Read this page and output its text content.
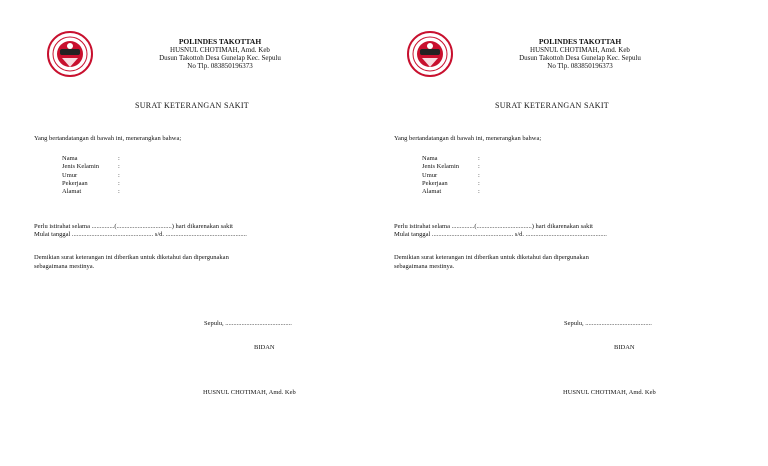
POLINDES TAKOTTAH
HUSNUL CHOTIMAH, Amd. Keb
Dusun Takottoh Desa Gunelap Kec. Sepulu
No Tlp. 083850196373
SURAT KETERANGAN SAKIT
Yang bertandatangan di bawah ini, menerangkan bahwa;
Nama	:
Jenis Kelamin	:
Umur	:
Pekerjaan	:
Alamat	:
Perlu istirahat selama ..............(..................................) hari dikarenakan sakit
Mulai tanggal .................................................. s/d. ..................................................
Demikian surat keterangan ini diberikan untuk diketahui dan dipergunakan
sebagaimana mestinya.
Sepulu, .........................................
BIDAN
HUSNUL CHOTIMAH, Amd. Keb
POLINDES TAKOTTAH
HUSNUL CHOTIMAH, Amd. Keb
Dusun Takottoh Desa Gunelap Kec. Sepulu
No Tlp. 083850196373
SURAT KETERANGAN SAKIT
Yang bertandatangan di bawah ini, menerangkan bahwa;
Nama	:
Jenis Kelamin	:
Umur	:
Pekerjaan	:
Alamat	:
Perlu istirahat selama ..............(..................................) hari dikarenakan sakit
Mulai tanggal .................................................. s/d. ..................................................
Demikian surat keterangan ini diberikan untuk diketahui dan dipergunakan
sebagaimana mestinya.
Sepulu, .........................................
BIDAN
HUSNUL CHOTIMAH, Amd. Keb
